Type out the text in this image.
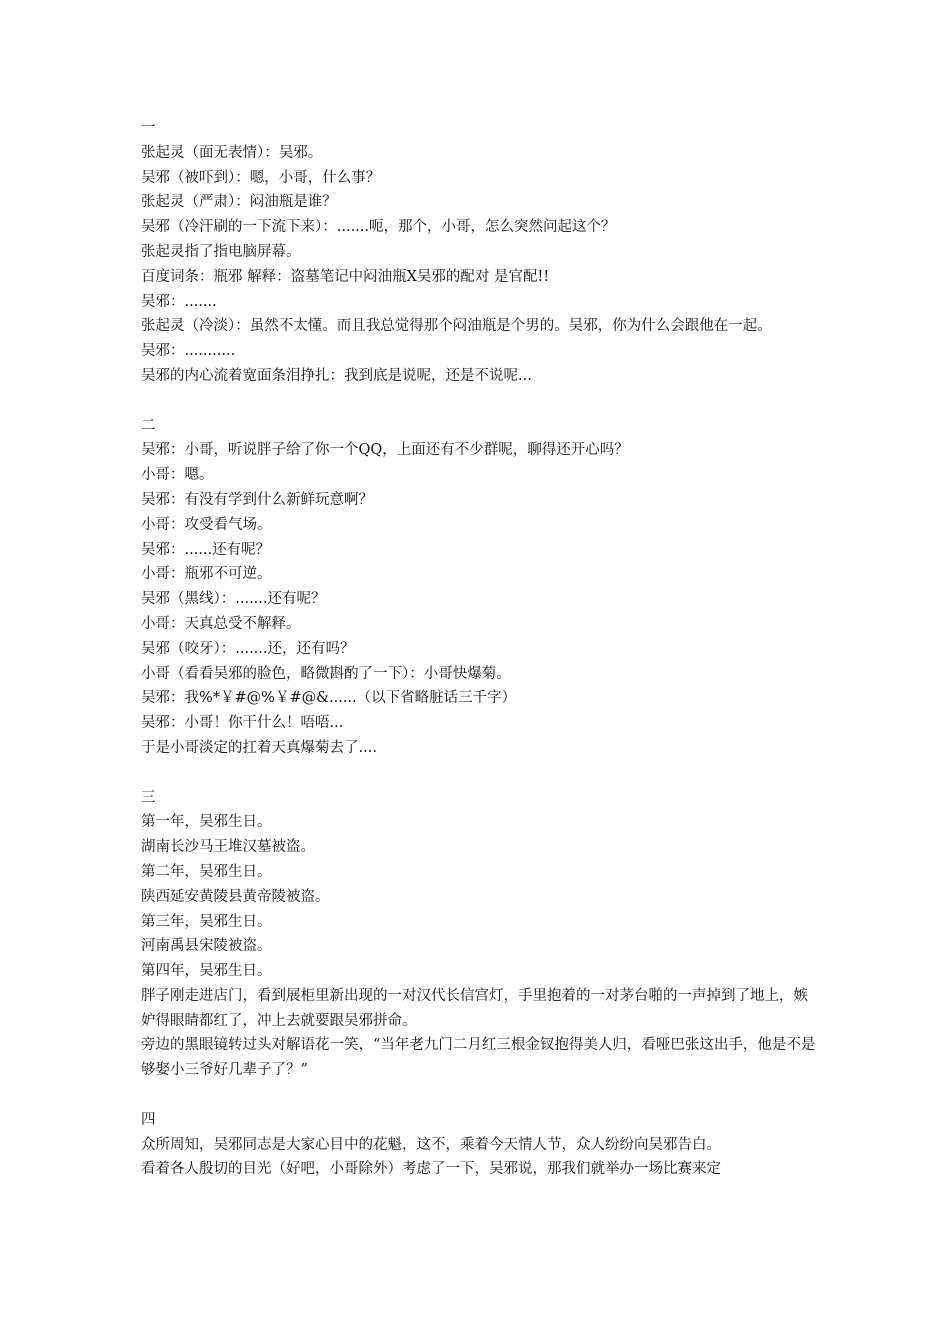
一
张起灵（面无表情）：吴邪。
吴邪（被吓到）：嗯，小哥，什么事？
张起灵（严肃）：闷油瓶是谁？
吴邪（冷汗刷的一下流下来）：.......呃，那个，小哥，怎么突然问起这个？
张起灵指了指电脑屏幕。
百度词条：瓶邪 解释：盗墓笔记中闷油瓶X吴邪的配对 是官配!!
吴邪：.......
张起灵（冷淡）：虽然不太懂。而且我总觉得那个闷油瓶是个男的。吴邪，你为什么会跟他在一起。
吴邪：...........
吴邪的内心流着宽面条泪挣扎：我到底是说呢，还是不说呢...
二
吴邪：小哥，听说胖子给了你一个QQ，上面还有不少群呢，聊得还开心吗？
小哥：嗯。
吴邪：有没有学到什么新鲜玩意啊？
小哥：攻受看气场。
吴邪：......还有呢？
小哥：瓶邪不可逆。
吴邪（黑线）：.......还有呢？
小哥：天真总受不解释。
吴邪（咬牙）：.......还，还有吗？
小哥（看看吴邪的脸色，略微斟酌了一下）：小哥快爆菊。
吴邪：我%*￥#@%￥#@&......（以下省略脏话三千字）
吴邪：小哥！你干什么！唔唔...
于是小哥淡定的扛着天真爆菊去了....
三
第一年，吴邪生日。
湖南长沙马王堆汉墓被盗。
第二年，吴邪生日。
陕西延安黄陵县黄帝陵被盗。
第三年，吴邪生日。
河南禹县宋陵被盗。
第四年，吴邪生日。
胖子刚走进店门，看到展柜里新出现的一对汉代长信宫灯，手里抱着的一对茅台啪的一声掉到了地上，嫉妒得眼睛都红了，冲上去就要跟吴邪拼命。
旁边的黑眼镜转过头对解语花一笑，“当年老九门二月红三根金钗抱得美人归，看哑巴张这出手，他是不是够娶小三爷好几辈子了？”
四
众所周知，吴邪同志是大家心目中的花魁，这不，乘着今天情人节，众人纷纷向吴邪告白。
看着各人殷切的目光（好吧，小哥除外）考虑了一下，吴邪说，那我们就举办一场比赛来定
